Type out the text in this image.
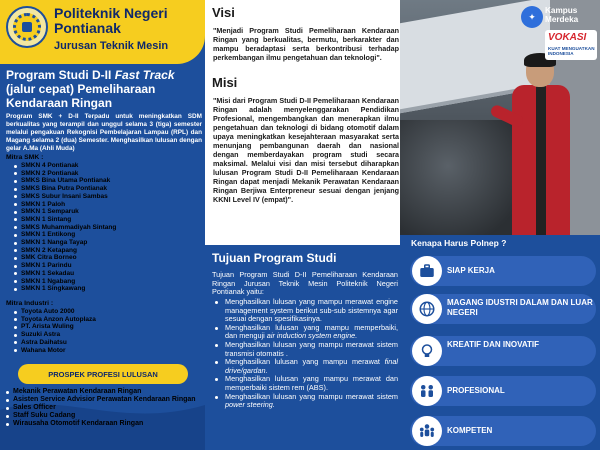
Politeknik Negeri Pontianak
Jurusan Teknik Mesin
Program Studi D-II Fast Track (jalur cepat) Pemeliharaan Kendaraan Ringan
Program SMK + D-II Terpadu untuk meningkatkan SDM berkualitas yang terampil dan unggul selama 3 (tiga) semester melalui pengakuan Rekognisi Pembelajaran Lampau (RPL) dan Magang selama 2 (dua) Semester. Menghasilkan lulusan dengan gelar A.Ma (Ahli Muda)
Mitra SMK :
SMKN 4 Pontianak
SMKN 2 Pontianak
SMKS Bina Utama Pontianak
SMKS Bina Putra Pontianak
SMKS Subur Insani Sambas
SMKN 1 Paloh
SMKN 1 Semparuk
SMKN 1 Sintang
SMKS Muhammadiyah Sintang
SMKN 1 Entikong
SMKN 1 Nanga Tayap
SMKN 2 Ketapang
SMK Citra Borneo
SMKN 1 Parindu
SMKN 1 Sekadau
SMKN 1 Ngabang
SMKN 1 Singkawang
Mitra Industri :
Toyota Auto 2000
Toyota Anzon Autoplaza
PT. Arista Wuling
Suzuki Astra
Astra Daihatsu
Wahana Motor
PROSPEK PROFESI LULUSAN
Mekanik Perawatan Kendaraan Ringan
Asisten Service Advisior Perawatan Kendaraan Ringan
Sales Officer
Staff Suku Cadang
Wirausaha Otomotif Kendaraan Ringan
Visi
"Menjadi Program Studi Pemeliharaan Kendaraan Ringan yang berkualitas, bermutu, berkarakter dan mampu beradaptasi serta berkontribusi terhadap perkembangan ilmu pengetahuan dan teknologi".
Misi
"Misi dari Program Studi D-II Pemeliharaan Kendaraan Ringan adalah menyelenggarakan Pendidikan Profesional, mengembangkan dan menerapkan ilmu pengetahuan dan teknologi di bidang otomotif dalam upaya meningkatkan kesejahteraan masyarakat serta menunjang pembangunan daerah dan nasional dengan memberdayakan program studi secara maksimal. Melalui visi dan misi tersebut diharapkan lulusan Program Studi D-II Pemeliharaan Kendaraan Ringan dapat menjadi Mekanik Perawatan Kendaraan Ringan Berjiwa Enterpreneur sesuai dengan jenjang KKNI Level IV (empat)".
Tujuan Program Studi
Tujuan Program Studi D-II Pemeliharaan Kendaraan Ringan Jurusan Teknik Mesin Politeknik Negeri Pontianak yaitu:
Menghasilkan lulusan yang mampu merawat engine management system berikut sub-sub sistemnya agar sesuai dengan spesifikasinya.
Menghasilkan lulusan yang mampu memperbaiki, dan menguji air induction system engine.
Menghasilkan lulusan yang mampu merawat sistem transmisi otomatis .
Menghasilkan lulusan yang mampu merawat final drive/gardan.
Menghasilkan lulusan yang mampu merawat dan memperbaiki sistem rem (ABS).
Menghasilkan lulusan yang mampu merawat sistem power steering.
✦
Kampus Merdeka
VOKASI
KUAT MENGUATKAN INDONESIA
Kenapa Harus Polnep ?
SIAP KERJA
MAGANG IDUSTRI DALAM DAN LUAR NEGERI
KREATIF DAN INOVATIF
PROFESIONAL
KOMPETEN
